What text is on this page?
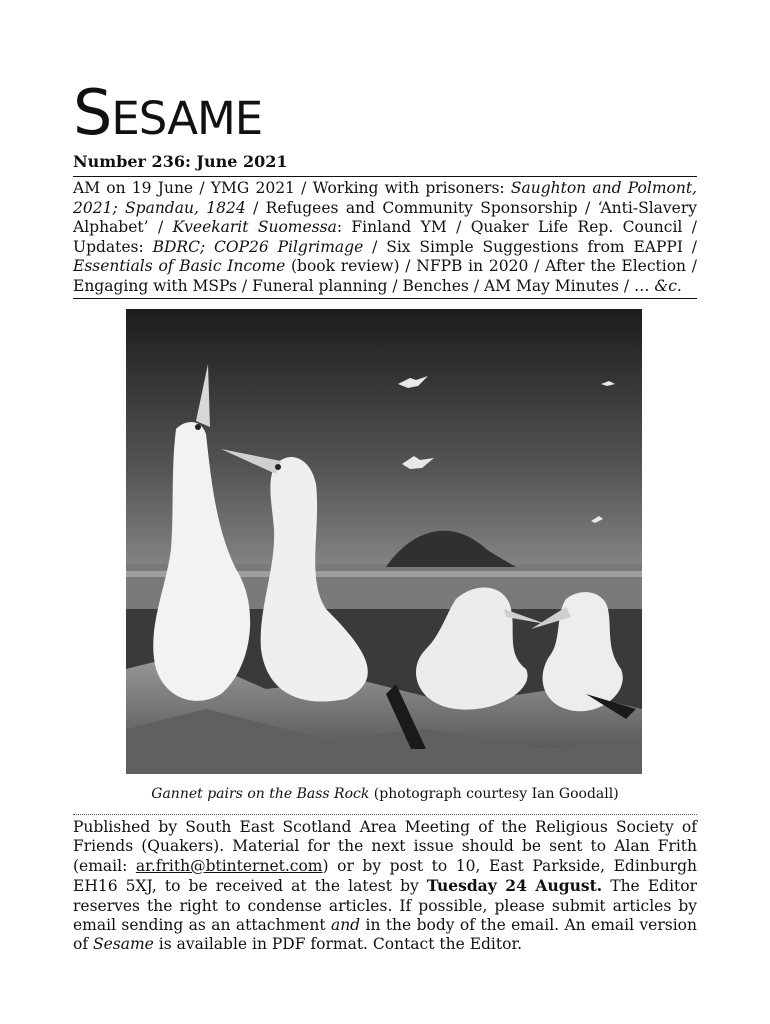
SESAME
Number 236: June 2021

AM on 19 June / YMG 2021 / Working with prisoners: Saughton and Polmont, 2021; Spandau, 1824 / Refugees and Community Sponsorship / ‘Anti-Slavery Alphabet’ / Kveekarit Suomessa: Finland YM / Quaker Life Rep. Council / Updates: BDRC; COP26 Pilgrimage / Six Simple Suggestions from EAPPI / Essentials of Basic Income (book review) / NFPB in 2020 / After the Election / Engaging with MSPs / Funeral planning / Benches / AM May Minutes / … &c.

Gannet pairs on the Bass Rock (photograph courtesy Ian Goodall)

Published by South East Scotland Area Meeting of the Religious Society of Friends (Quakers). Material for the next issue should be sent to Alan Frith (email: ar.frith@btinternet.com) or by post to 10, East Parkside, Edinburgh EH16 5XJ, to be received at the latest by Tuesday 24 August. The Editor reserves the right to condense articles. If possible, please submit articles by email sending as an attachment and in the body of the email. An email version of Sesame is available in PDF format. Contact the Editor.
